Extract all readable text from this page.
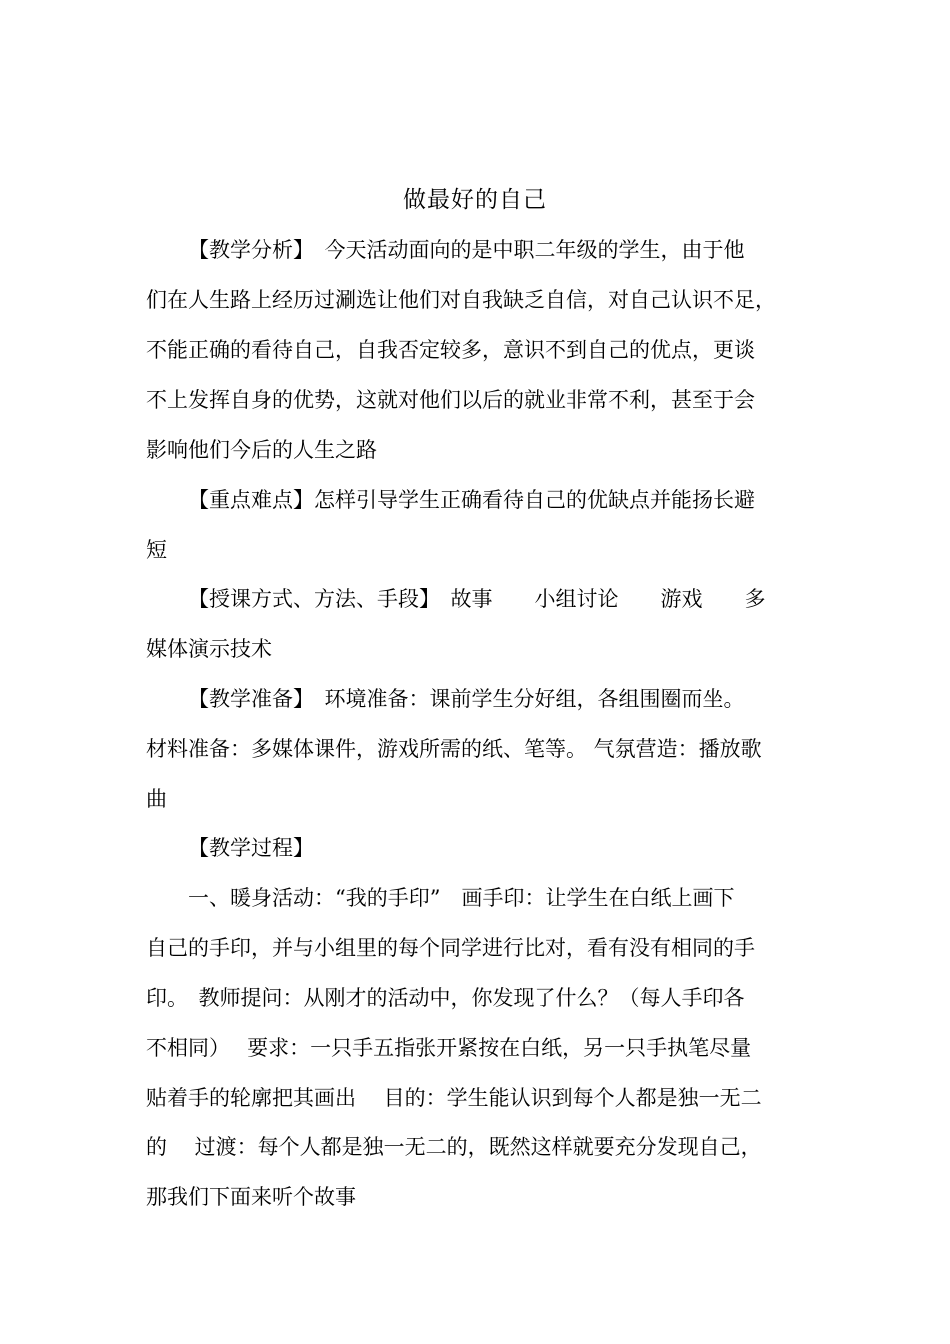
做最好的自己
【教学分析】　今天活动面向的是中职二年级的学生，由于他
们在人生路上经历过涮选让他们对自我缺乏自信，对自己认识不足，
不能正确的看待自己，自我否定较多，意识不到自己的优点，更谈
不上发挥自身的优势，这就对他们以后的就业非常不利，甚至于会
影响他们今后的人生之路
【重点难点】怎样引导学生正确看待自己的优缺点并能扬长避
短
【授课方式、方法、手段】　故事　　小组讨论　　游戏　　多
媒体演示技术
【教学准备】　环境准备：课前学生分好组，各组围圈而坐。
材料准备：多媒体课件，游戏所需的纸、笔等。 气氛营造：播放歌
曲
【教学过程】
一、暖身活动：“我的手印”　画手印：让学生在白纸上画下
自己的手印，并与小组里的每个同学进行比对，看有没有相同的手
印。　教师提问：从刚才的活动中，你发现了什么？（每人手印各
不相同）　 要求：一只手五指张开紧按在白纸，另一只手执笔尽量
贴着手的轮廓把其画出　 目的：学生能认识到每个人都是独一无二
的　 过渡：每个人都是独一无二的，既然这样就要充分发现自己，
那我们下面来听个故事
